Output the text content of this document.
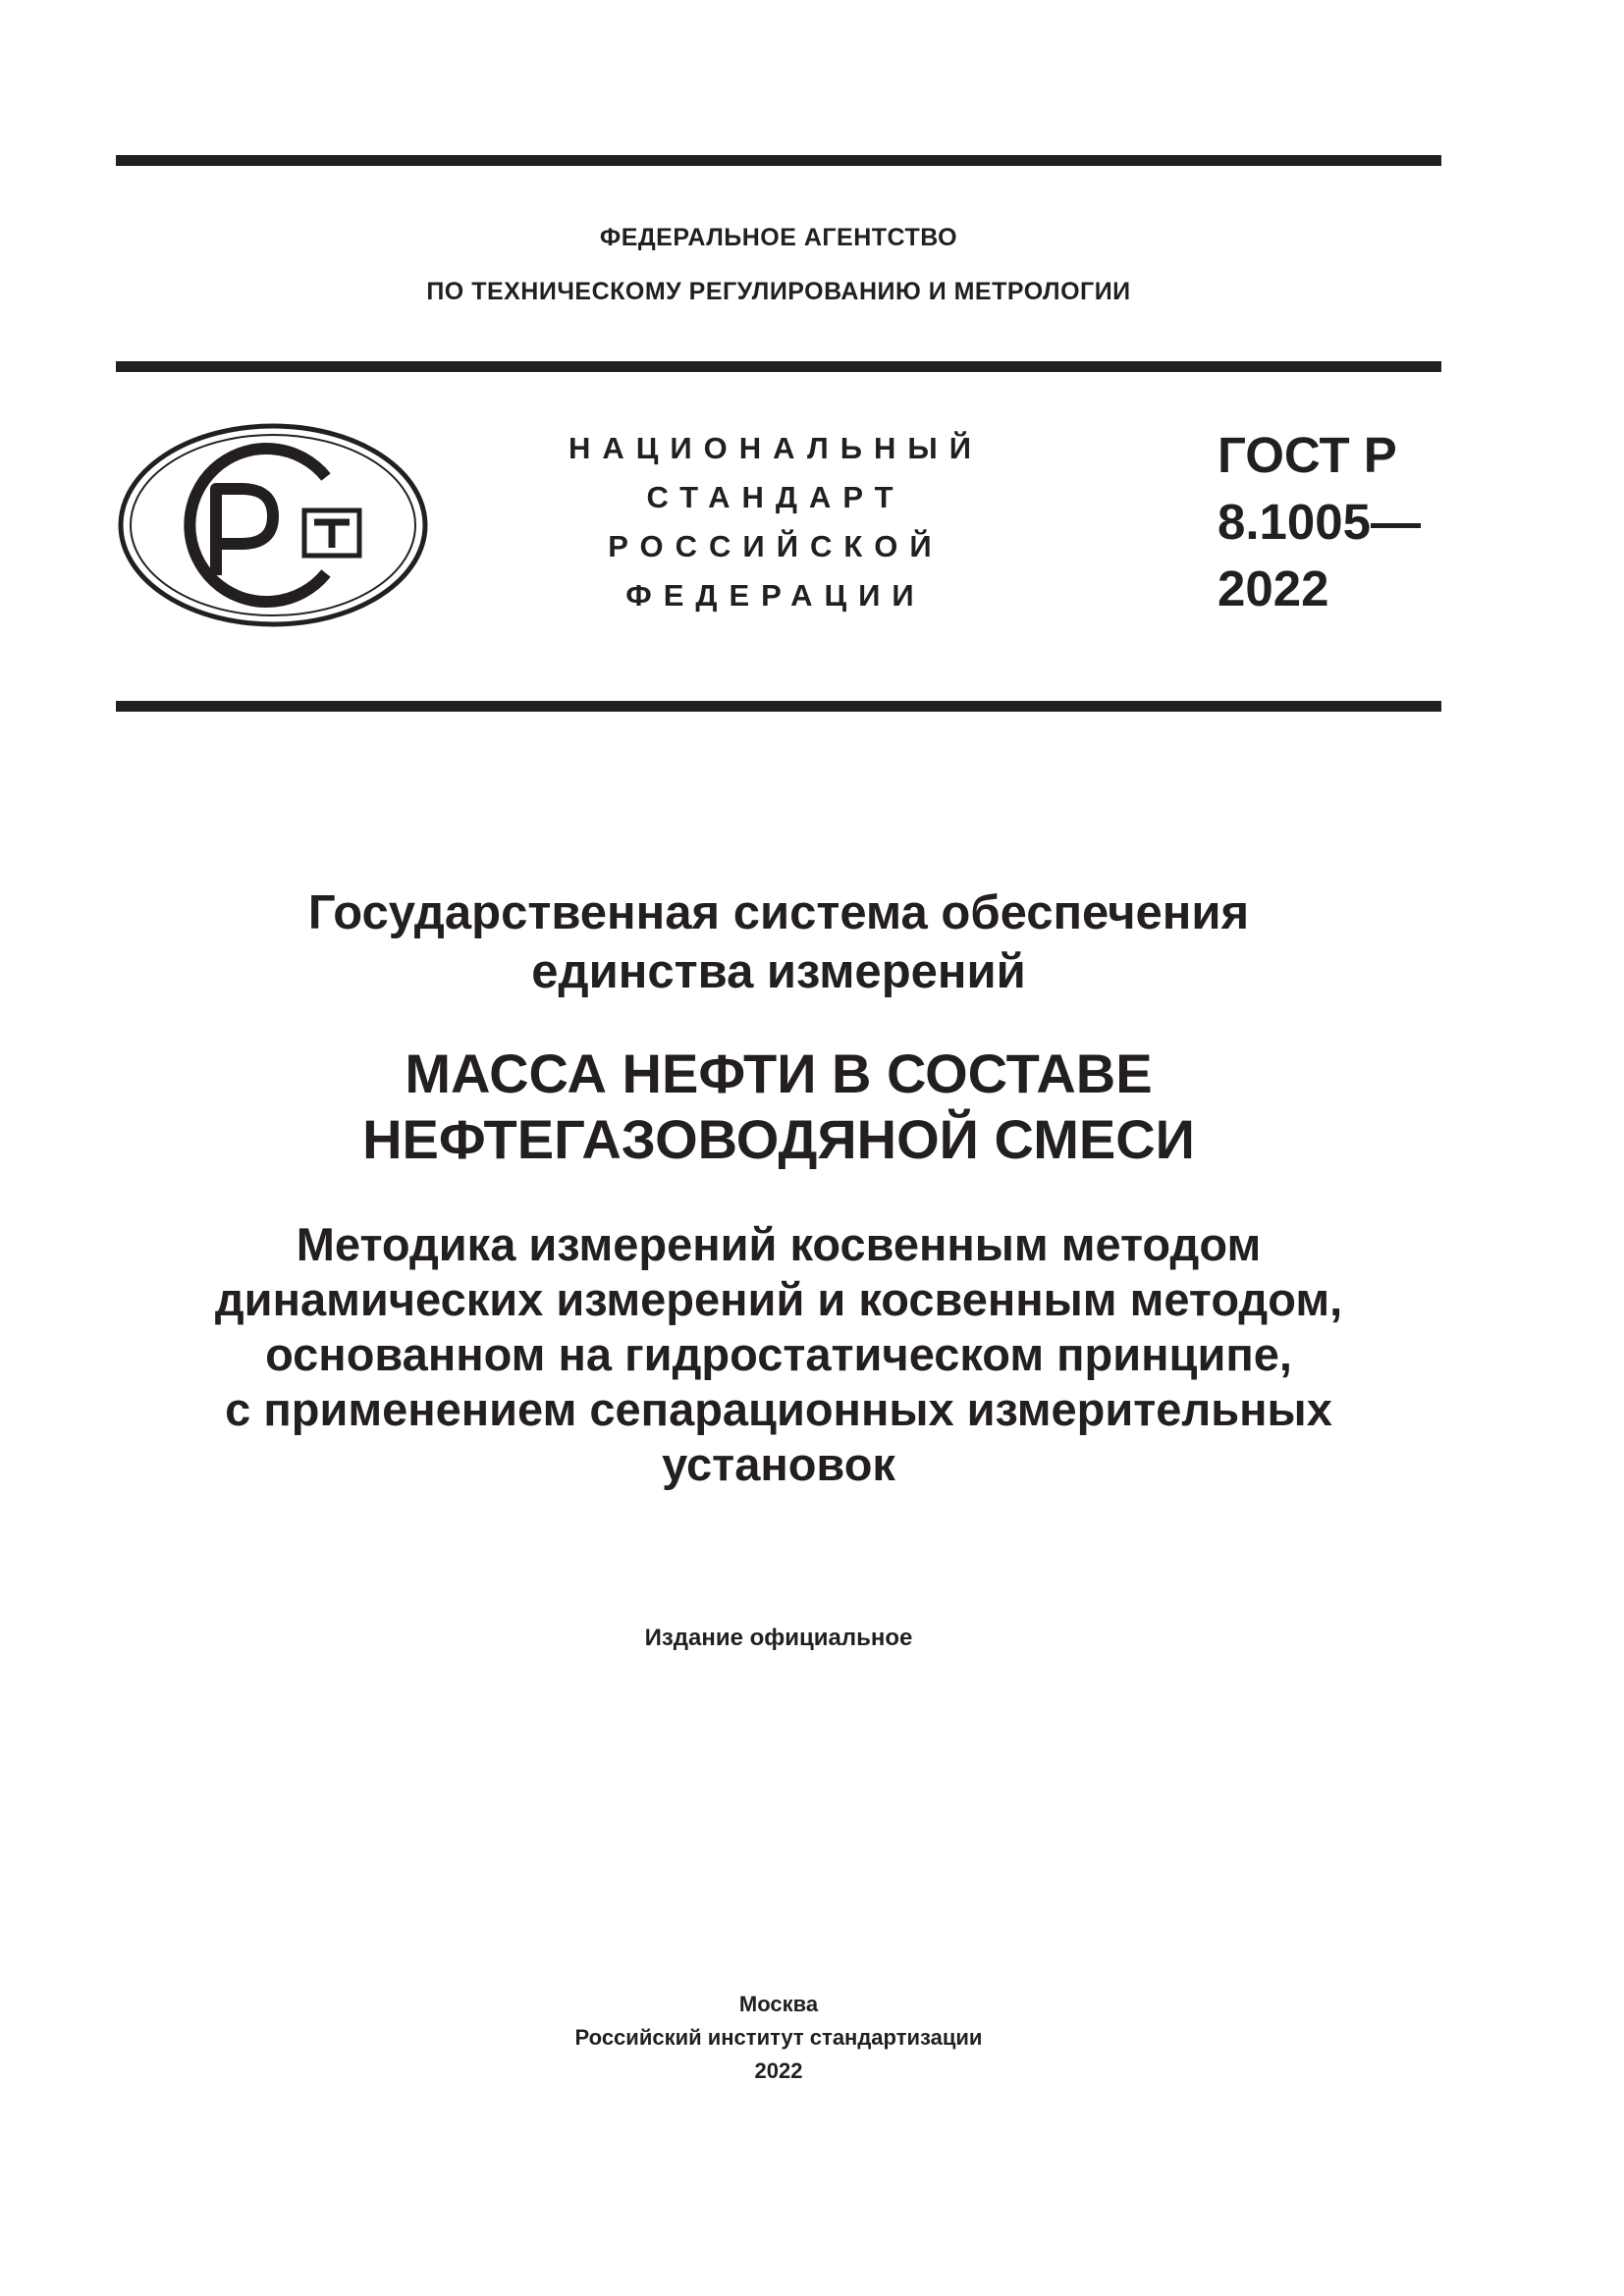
ФЕДЕРАЛЬНОЕ АГЕНТСТВО
ПО ТЕХНИЧЕСКОМУ РЕГУЛИРОВАНИЮ И МЕТРОЛОГИИ
НАЦИОНАЛЬНЫЙ
СТАНДАРТ
РОССИЙСКОЙ
ФЕДЕРАЦИИ
ГОСТ Р
8.1005—
2022
Государственная система обеспечения
единства измерений
МАССА НЕФТИ В СОСТАВЕ
НЕФТЕГАЗОВОДЯНОЙ СМЕСИ
Методика измерений косвенным методом
динамических измерений и косвенным методом,
основанном на гидростатическом принципе,
с применением сепарационных измерительных
установок
Издание официальное
Москва
Российский институт стандартизации
2022
